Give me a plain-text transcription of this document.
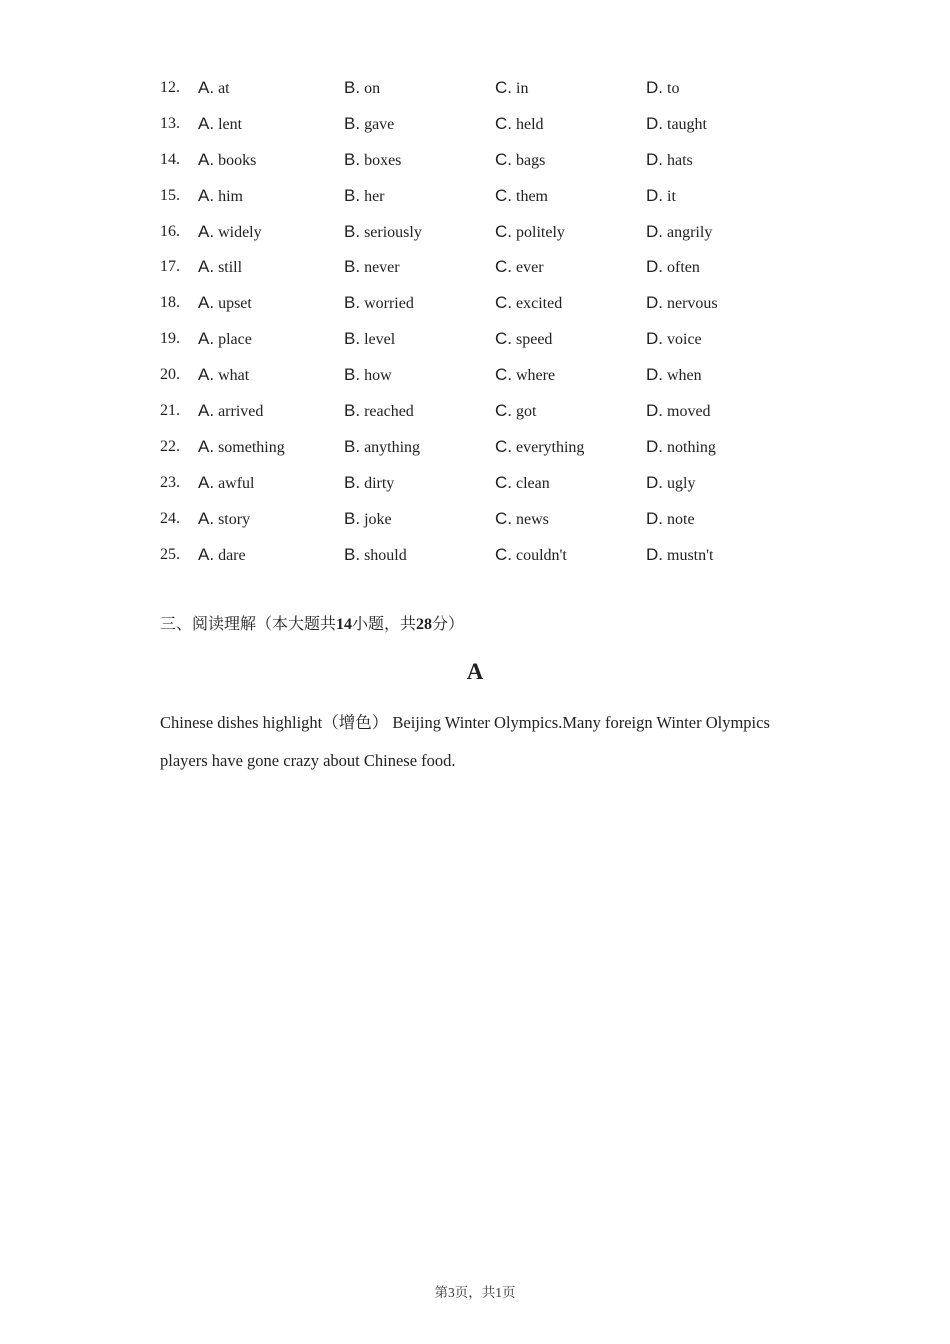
12. A. at	B. on	C. in	D. to
13. A. lent	B. gave	C. held	D. taught
14. A. books	B. boxes	C. bags	D. hats
15. A. him	B. her	C. them	D. it
16. A. widely	B. seriously	C. politely	D. angrily
17. A. still	B. never	C. ever	D. often
18. A. upset	B. worried	C. excited	D. nervous
19. A. place	B. level	C. speed	D. voice
20. A. what	B. how	C. where	D. when
21. A. arrived	B. reached	C. got	D. moved
22. A. something	B. anything	C. everything	D. nothing
23. A. awful	B. dirty	C. clean	D. ugly
24. A. story	B. joke	C. news	D. note
25. A. dare	B. should	C. couldn't	D. mustn't
三、阅读理解（本大题共14小题，共28分）
A

Chinese dishes highlight（增色） Beijing Winter Olympics.Many foreign Winter Olympics players have gone crazy about Chinese food.

第3页，共1页
